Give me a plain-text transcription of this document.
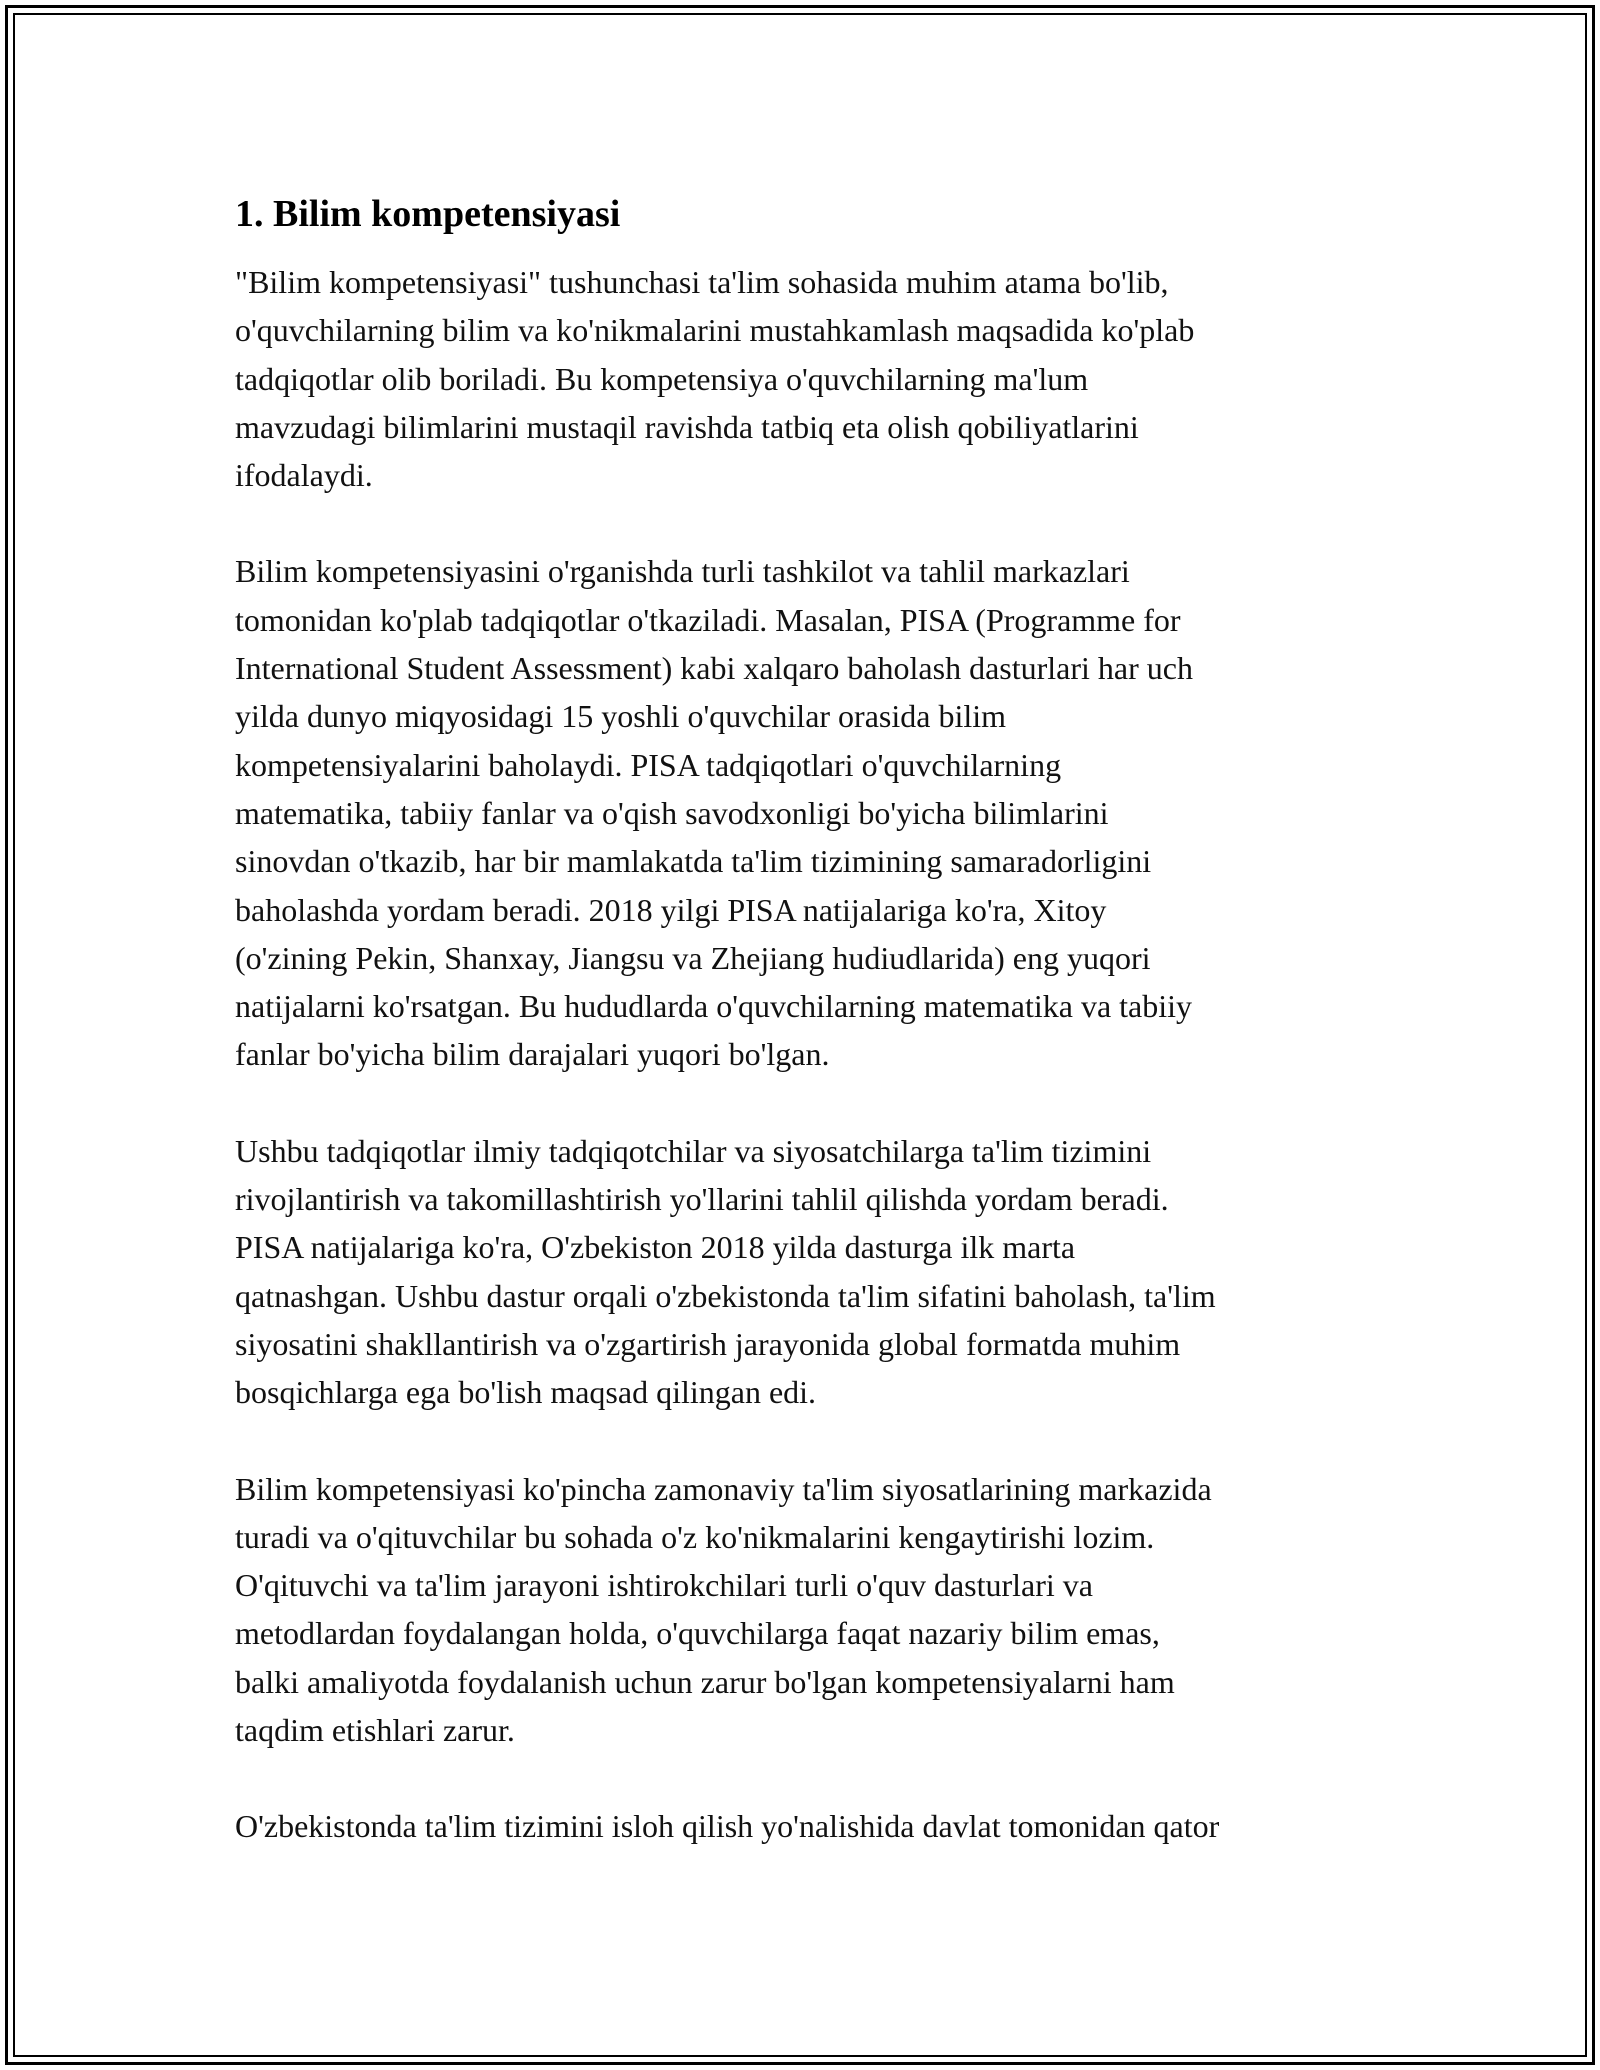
1. Bilim kompetensiyasi

"Bilim kompetensiyasi" tushunchasi ta'lim sohasida muhim atama bo'lib,
o'quvchilarning bilim va ko'nikmalarini mustahkamlash maqsadida ko'plab
tadqiqotlar olib boriladi. Bu kompetensiya o'quvchilarning ma'lum
mavzudagi bilimlarini mustaqil ravishda tatbiq eta olish qobiliyatlarini
ifodalaydi.

Bilim kompetensiyasini o'rganishda turli tashkilot va tahlil markazlari
tomonidan ko'plab tadqiqotlar o'tkaziladi. Masalan, PISA (Programme for
International Student Assessment) kabi xalqaro baholash dasturlari har uch
yilda dunyo miqyosidagi 15 yoshli o'quvchilar orasida bilim
kompetensiyalarini baholaydi. PISA tadqiqotlari o'quvchilarning
matematika, tabiiy fanlar va o'qish savodxonligi bo'yicha bilimlarini
sinovdan o'tkazib, har bir mamlakatda ta'lim tizimining samaradorligini
baholashda yordam beradi. 2018 yilgi PISA natijalariga ko'ra, Xitoy
(o'zining Pekin, Shanxay, Jiangsu va Zhejiang hudiudlarida) eng yuqori
natijalarni ko'rsatgan. Bu hududlarda o'quvchilarning matematika va tabiiy
fanlar bo'yicha bilim darajalari yuqori bo'lgan.

Ushbu tadqiqotlar ilmiy tadqiqotchilar va siyosatchilarga ta'lim tizimini
rivojlantirish va takomillashtirish yo'llarini tahlil qilishda yordam beradi.
PISA natijalariga ko'ra, O'zbekiston 2018 yilda dasturga ilk marta
qatnashgan. Ushbu dastur orqali o'zbekistonda ta'lim sifatini baholash, ta'lim
siyosatini shakllantirish va o'zgartirish jarayonida global formatda muhim
bosqichlarga ega bo'lish maqsad qilingan edi.

Bilim kompetensiyasi ko'pincha zamonaviy ta'lim siyosatlarining markazida
turadi va o'qituvchilar bu sohada o'z ko'nikmalarini kengaytirishi lozim.
O'qituvchi va ta'lim jarayoni ishtirokchilari turli o'quv dasturlari va
metodlardan foydalangan holda, o'quvchilarga faqat nazariy bilim emas,
balki amaliyotda foydalanish uchun zarur bo'lgan kompetensiyalarni ham
taqdim etishlari zarur.

O'zbekistonda ta'lim tizimini isloh qilish yo'nalishida davlat tomonidan qator
